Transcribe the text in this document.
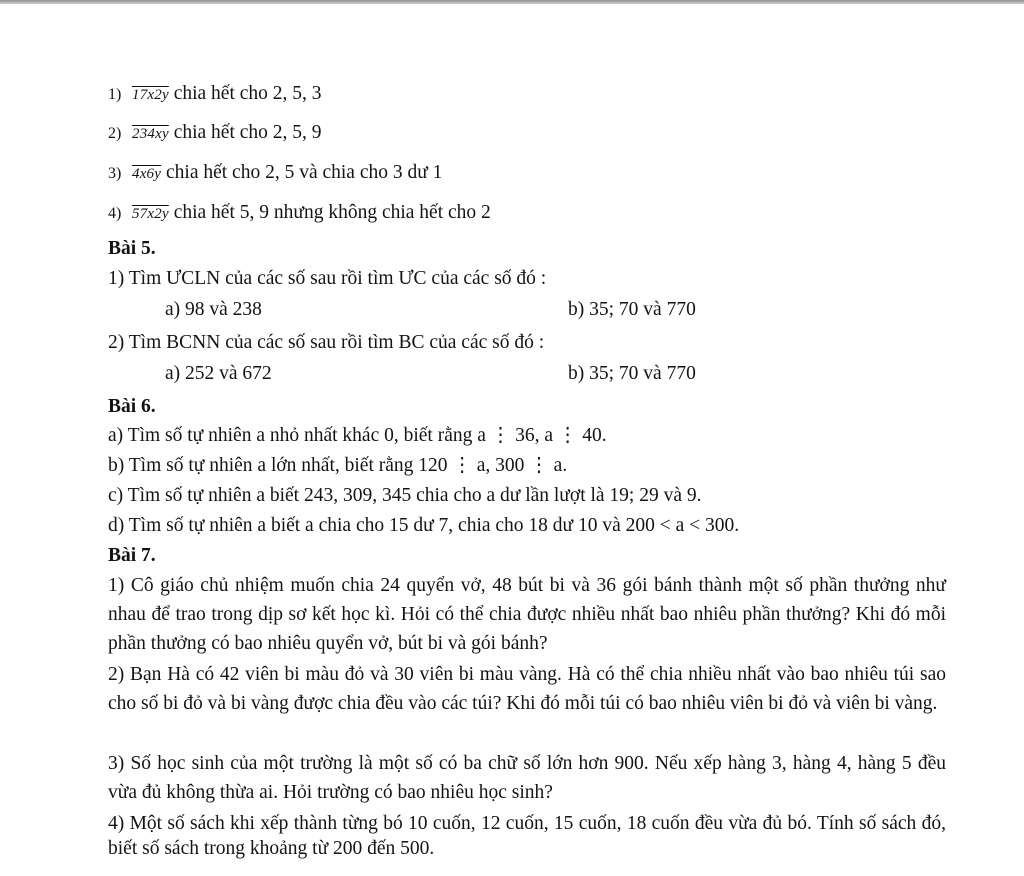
1) 17x2y chia hết cho 2, 5, 3
2) 234xy chia hết cho 2, 5, 9
3) 4x6y chia hết cho 2, 5 và chia cho 3 dư 1
4) 57x2y chia hết 5, 9 nhưng không chia hết cho 2
Bài 5.
1) Tìm ƯCLN của các số sau rồi tìm ƯC của các số đó :
a) 98 và 238	b) 35; 70 và 770
2) Tìm BCNN của các số sau rồi tìm BC của các số đó :
a) 252 và 672	b) 35; 70 và 770
Bài 6.
a) Tìm số tự nhiên a nhỏ nhất khác 0, biết rằng a ⋮ 36, a ⋮ 40.
b) Tìm số tự nhiên a lớn nhất, biết rằng 120 ⋮ a, 300 ⋮ a.
c) Tìm số tự nhiên a biết 243, 309, 345 chia cho a dư lần lượt là 19; 29 và 9.
d) Tìm số tự nhiên a biết a chia cho 15 dư 7, chia cho 18 dư 10 và 200 < a < 300.
Bài 7.
1) Cô giáo chủ nhiệm muốn chia 24 quyển vở, 48 bút bi và 36 gói bánh thành một số phần thưởng như nhau để trao trong dịp sơ kết học kì. Hỏi có thể chia được nhiều nhất bao nhiêu phần thưởng? Khi đó mỗi phần thưởng có bao nhiêu quyển vở, bút bi và gói bánh?
2) Bạn Hà có 42 viên bi màu đỏ và 30 viên bi màu vàng. Hà có thể chia nhiều nhất vào bao nhiêu túi sao cho số bi đỏ và bi vàng được chia đều vào các túi? Khi đó mỗi túi có bao nhiêu viên bi đỏ và viên bi vàng.
3) Số học sinh của một trường là một số có ba chữ số lớn hơn 900. Nếu xếp hàng 3, hàng 4, hàng 5 đều vừa đủ không thừa ai. Hỏi trường có bao nhiêu học sinh?
4) Một số sách khi xếp thành từng bó 10 cuốn, 12 cuốn, 15 cuốn, 18 cuốn đều vừa đủ bó. Tính số sách đó, biết số sách trong khoảng từ 200 đến 500.
